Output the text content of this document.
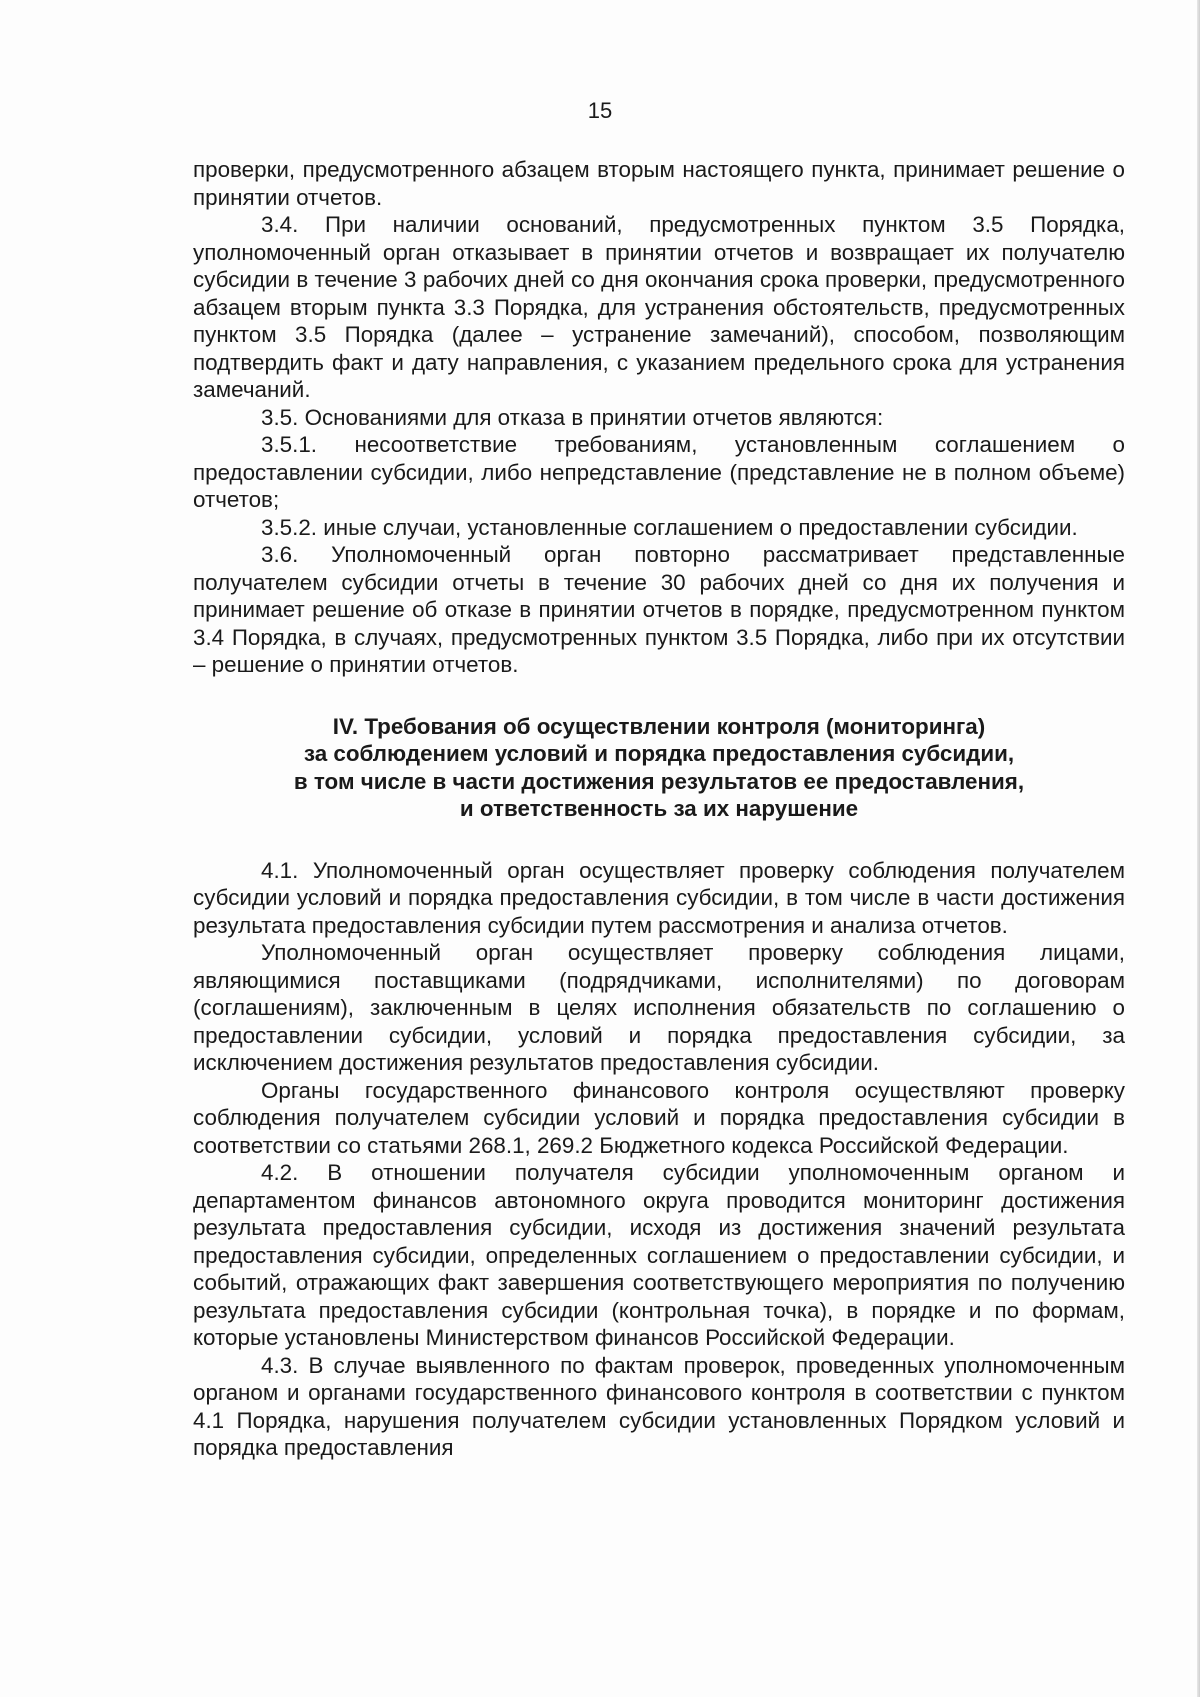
15

проверки, предусмотренного абзацем вторым настоящего пункта, принимает решение о принятии отчетов.

3.4. При наличии оснований, предусмотренных пунктом 3.5 Порядка, уполномоченный орган отказывает в принятии отчетов и возвращает их получателю субсидии в течение 3 рабочих дней со дня окончания срока проверки, предусмотренного абзацем вторым пункта 3.3 Порядка, для устранения обстоятельств, предусмотренных пунктом 3.5 Порядка (далее – устранение замечаний), способом, позволяющим подтвердить факт и дату направления, с указанием предельного срока для устранения замечаний.

3.5. Основаниями для отказа в принятии отчетов являются:

3.5.1. несоответствие требованиям, установленным соглашением о предоставлении субсидии, либо непредставление (представление не в полном объеме) отчетов;

3.5.2. иные случаи, установленные соглашением о предоставлении субсидии.

3.6. Уполномоченный орган повторно рассматривает представленные получателем субсидии отчеты в течение 30 рабочих дней со дня их получения и принимает решение об отказе в принятии отчетов в порядке, предусмотренном пунктом 3.4 Порядка, в случаях, предусмотренных пунктом 3.5 Порядка, либо при их отсутствии – решение о принятии отчетов.

IV. Требования об осуществлении контроля (мониторинга)
за соблюдением условий и порядка предоставления субсидии,
в том числе в части достижения результатов ее предоставления,
и ответственность за их нарушение

4.1. Уполномоченный орган осуществляет проверку соблюдения получателем субсидии условий и порядка предоставления субсидии, в том числе в части достижения результата предоставления субсидии путем рассмотрения и анализа отчетов.

Уполномоченный орган осуществляет проверку соблюдения лицами, являющимися поставщиками (подрядчиками, исполнителями) по договорам (соглашениям), заключенным в целях исполнения обязательств по соглашению о предоставлении субсидии, условий и порядка предоставления субсидии, за исключением достижения результатов предоставления субсидии.

Органы государственного финансового контроля осуществляют проверку соблюдения получателем субсидии условий и порядка предоставления субсидии в соответствии со статьями 268.1, 269.2 Бюджетного кодекса Российской Федерации.

4.2. В отношении получателя субсидии уполномоченным органом и департаментом финансов автономного округа проводится мониторинг достижения результата предоставления субсидии, исходя из достижения значений результата предоставления субсидии, определенных соглашением о предоставлении субсидии, и событий, отражающих факт завершения соответствующего мероприятия по получению результата предоставления субсидии (контрольная точка), в порядке и по формам, которые установлены Министерством финансов Российской Федерации.

4.3. В случае выявленного по фактам проверок, проведенных уполномоченным органом и органами государственного финансового контроля в соответствии с пунктом 4.1 Порядка, нарушения получателем субсидии установленных Порядком условий и порядка предоставления
